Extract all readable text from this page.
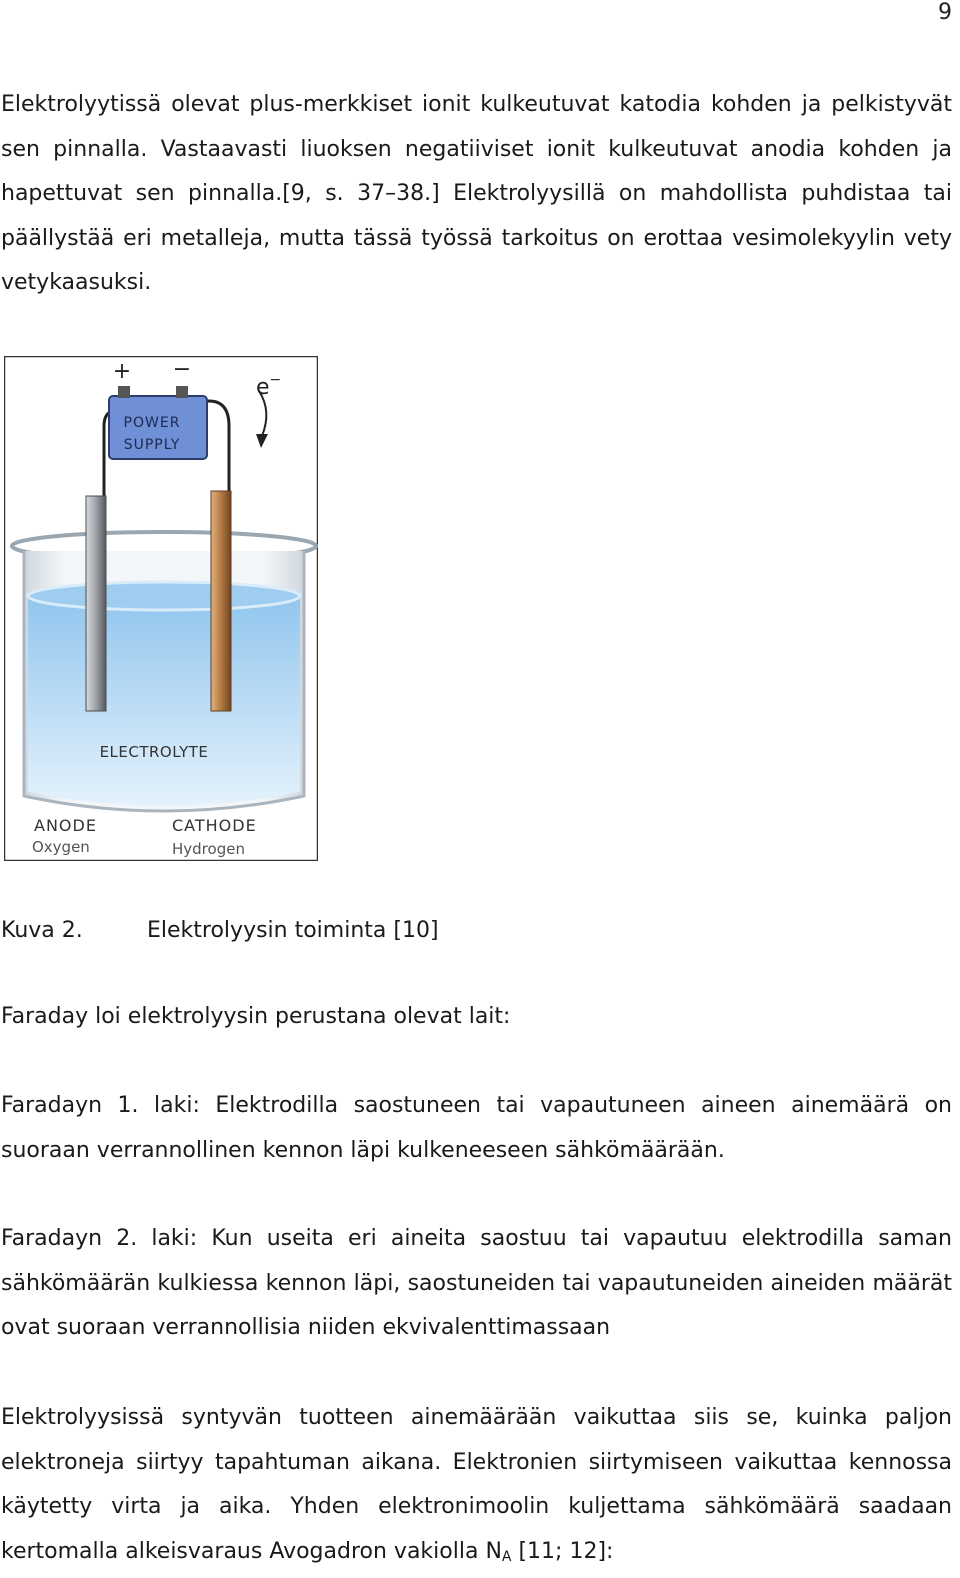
9

Elektrolyytissä olevat plus-merkkiset ionit kulkeutuvat katodia kohden ja pelkistyvät sen pinnalla. Vastaavasti liuoksen negatiiviset ionit kulkeutuvat anodia kohden ja hapettuvat sen pinnalla.[9, s. 37–38.] Elektrolyysillä on mahdollista puhdistaa tai päällystää eri metalleja, mutta tässä työssä tarkoitus on erottaa vesimolekyylin vety vetykaasuksi.

+ −
e−
POWER
SUPPLY
ELECTROLYTE
ANODE
Oxygen
CATHODE
Hydrogen
Kuva 2.	Elektrolyysin toiminta [10]

Faraday loi elektrolyysin perustana olevat lait:

Faradayn 1. laki: Elektrodilla saostuneen tai vapautuneen aineen ainemäärä on suoraan verrannollinen kennon läpi kulkeneeseen sähkömäärään.

Faradayn 2. laki: Kun useita eri aineita saostuu tai vapautuu elektrodilla saman sähkömäärän kulkiessa kennon läpi, saostuneiden tai vapautuneiden aineiden määrät ovat suoraan verrannollisia niiden ekvivalenttimassaan

Elektrolyysissä syntyvän tuotteen ainemäärään vaikuttaa siis se, kuinka paljon elektroneja siirtyy tapahtuman aikana. Elektronien siirtymiseen vaikuttaa kennossa käytetty virta ja aika. Yhden elektronimoolin kuljettama sähkömäärä saadaan kertomalla alkeisvaraus Avogadron vakiolla $N_A$ [11; 12]:
